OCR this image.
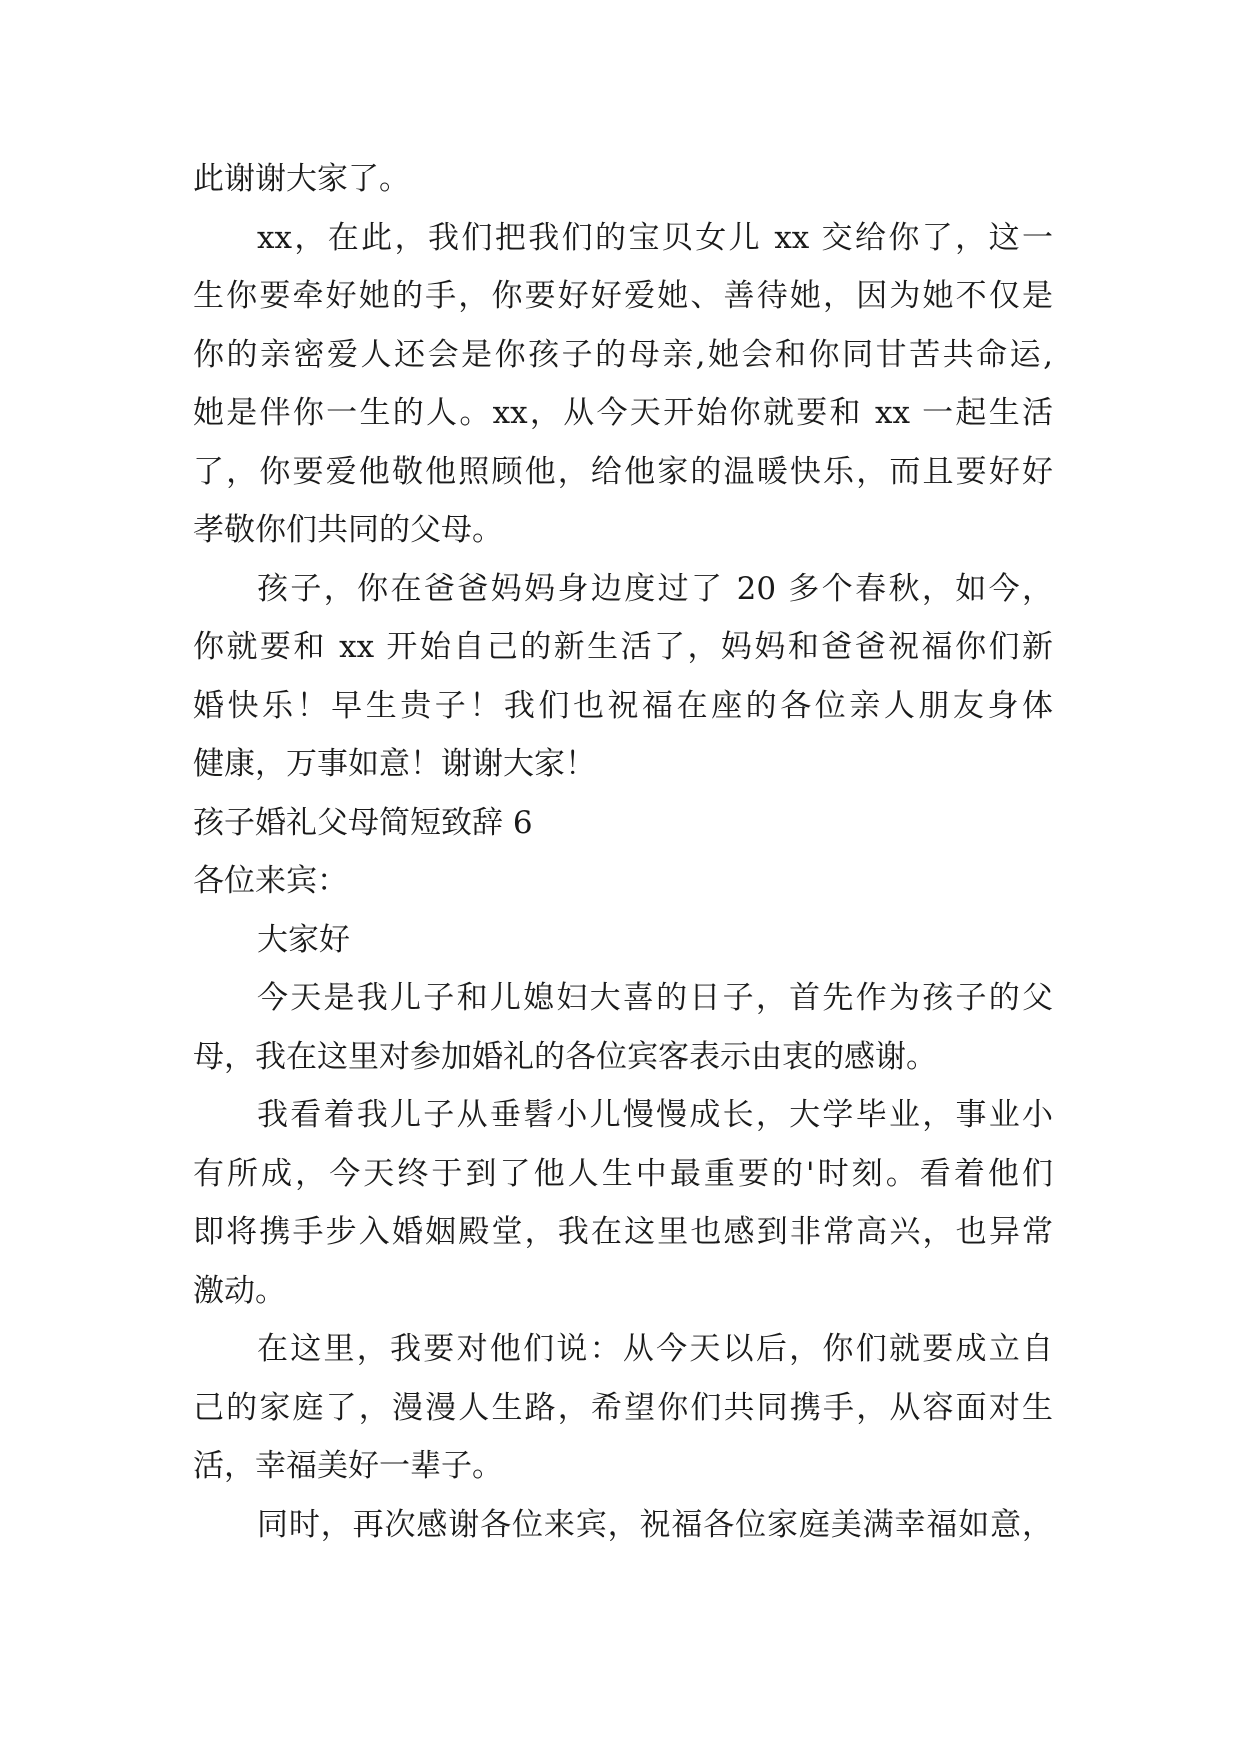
此谢谢大家了。
xx，在此，我们把我们的宝贝女儿 xx 交给你了，这一
生你要牵好她的手，你要好好爱她、善待她，因为她不仅是
你的亲密爱人还会是你孩子的母亲,她会和你同甘苦共命运,
她是伴你一生的人。xx，从今天开始你就要和 xx 一起生活
了，你要爱他敬他照顾他，给他家的温暖快乐，而且要好好
孝敬你们共同的父母。
孩子，你在爸爸妈妈身边度过了 20 多个春秋，如今，
你就要和 xx 开始自己的新生活了，妈妈和爸爸祝福你们新
婚快乐！早生贵子！我们也祝福在座的各位亲人朋友身体
健康，万事如意！谢谢大家！
孩子婚礼父母简短致辞 6
各位来宾：
大家好
今天是我儿子和儿媳妇大喜的日子，首先作为孩子的父
母，我在这里对参加婚礼的各位宾客表示由衷的感谢。
我看着我儿子从垂髫小儿慢慢成长，大学毕业，事业小
有所成，今天终于到了他人生中最重要的'时刻。看着他们
即将携手步入婚姻殿堂，我在这里也感到非常高兴，也异常
激动。
在这里，我要对他们说：从今天以后，你们就要成立自
己的家庭了，漫漫人生路，希望你们共同携手，从容面对生
活，幸福美好一辈子。
同时，再次感谢各位来宾，祝福各位家庭美满幸福如意，
